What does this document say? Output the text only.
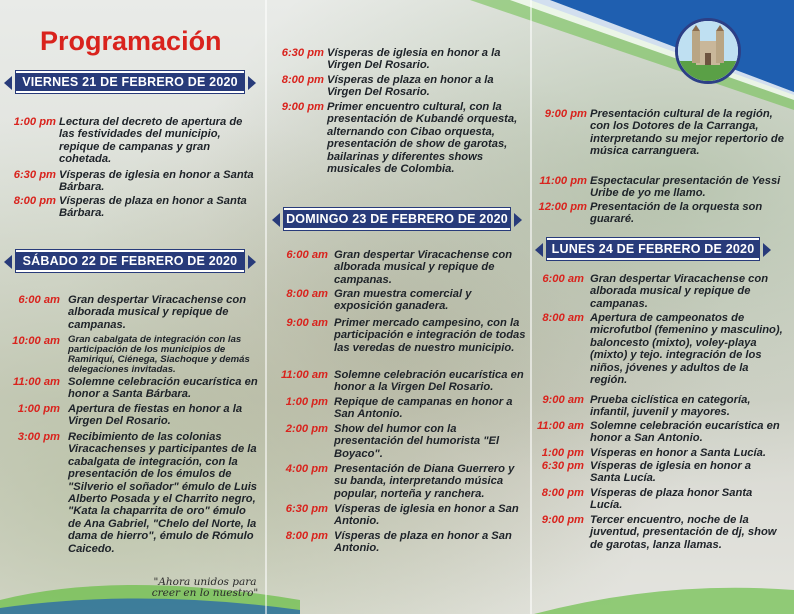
Programación
VIERNES 21 DE FEBRERO DE 2020
1:00 pm Lectura del decreto de apertura de las festividades del municipio, repique de campanas y gran cohetada.
6:30 pm Vísperas de iglesia en honor a Santa Bárbara.
8:00 pm Vísperas de plaza en honor a Santa Bárbara.
SÁBADO 22 DE FEBRERO DE 2020
6:00 am Gran despertar Viracachense con alborada musical y repique de campanas.
10:00 am Gran cabalgata de integración con las participación de los municipios de Ramiriquí, Ciénega, Siachoque y demás delegaciones invitadas.
11:00 am Solemne celebración eucarística en honor a Santa Bárbara.
1:00 pm Apertura de fiestas en honor a la Virgen Del Rosario.
3:00 pm Recibimiento de las colonias Viracachenses y participantes de la cabalgata de integración, con la presentación de los émulos de "Silverio el soñador" émulo de Luis Alberto Posada y el Charrito negro, "Kata la chaparrita de oro" émulo de Ana Gabriel, "Chelo del Norte, la dama de hierro", émulo de Rómulo Caicedo.
"Ahora unidos para creer en lo nuestro"
6:30 pm Vísperas de iglesia en honor a la Virgen Del Rosario.
8:00 pm Vísperas de plaza en honor a la Virgen Del Rosario.
9:00 pm Primer encuentro cultural, con la presentación de Kubandé orquesta, alternando con Cibao orquesta, presentación de show de garotas, bailarinas y diferentes shows musicales de Colombia.
DOMINGO 23 DE FEBRERO DE 2020
6:00 am Gran despertar Viracachense con alborada musical y repique de campanas.
8:00 am Gran muestra comercial y exposición ganadera.
9:00 am Primer mercado campesino, con la participación e integración de todas las veredas de nuestro municipio.
11:00 am Solemne celebración eucarística en honor a la Virgen Del Rosario.
1:00 pm Repique de campanas en honor a San Antonio.
2:00 pm Show del humor con la presentación del humorista "El Boyaco".
4:00 pm Presentación de Diana Guerrero y su banda, interpretando música popular, norteña y ranchera.
6:30 pm Vísperas de iglesia en honor a San Antonio.
8:00 pm Vísperas de plaza en honor a San Antonio.
9:00 pm Presentación cultural de la región, con los Dotores de la Carranga, interpretando su mejor repertorio de música carranguera.
11:00 pm Espectacular presentación de Yessi Uribe de yo me llamo.
12:00 pm Presentación de la orquesta son guararé.
LUNES 24 DE FEBRERO DE 2020
6:00 am Gran despertar Viracachense con alborada musical y repique de campanas.
8:00 am Apertura de campeonatos de microfutbol (femenino y masculino), baloncesto (mixto), voley-playa (mixto) y tejo. integración de los niños, jóvenes y adultos de la región.
9:00 am Prueba ciclística en categoría, infantil, juvenil y mayores.
11:00 am Solemne celebración eucarística en honor a San Antonio.
1:00 pm Vísperas en honor a Santa Lucía.
6:30 pm Vísperas de iglesia en honor a Santa Lucía.
8:00 pm Vísperas de plaza honor Santa Lucía.
9:00 pm Tercer encuentro, noche de la juventud, presentación de dj, show de garotas, lanza llamas.
